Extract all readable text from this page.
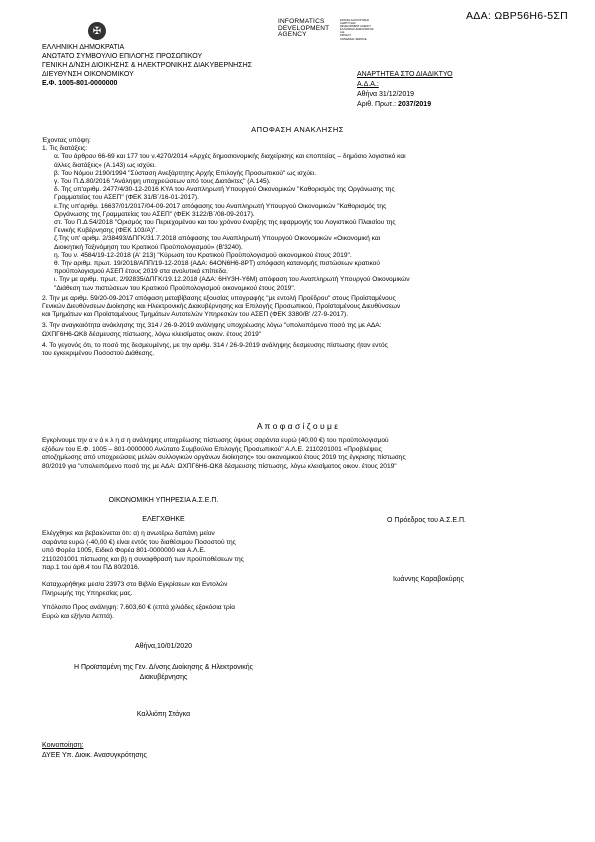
ΑΔΑ: ΩΒΡ56Η6-5ΣΠ
✠
INFORMATICS
DEVELOPMENT
AGENCY
ΕΝΤΑΣΗ ΑΞΙΟΛΟΓΗΣΗΣ
ΑΝΑΠΤΥΞΗΣ
DEVELOPMENT AGENCY
ΕΛΛΗΝΙΚΗΣ ΔΗΜΟΚΡΑΤΙΑΣ
Α.Ε.
PRIVACY
UNIVERSAL SERVICE
ΕΛΛΗΝΙΚΗ ΔΗΜΟΚΡΑΤΙΑ
ΑΝΩΤΑΤΟ ΣΥΜΒΟΥΛΙΟ ΕΠΙΛΟΓΗΣ ΠΡΟΣΩΠΙΚΟΥ
ΓΕΝΙΚΗ Δ/ΝΣΗ ΔΙΟΙΚΗΣΗΣ & ΗΛΕΚΤΡΟΝΙΚΗΣ ΔΙΑΚΥΒΕΡΝΗΣΗΣ
ΔΙΕΥΘΥΝΣΗ ΟΙΚΟΝΟΜΙΚΟΥ
Ε.Φ. 1005-801-0000000
ΑΝΑΡΤΗΤΕΑ ΣΤΟ ΔΙΑΔΙΚΤΥΟ
Α.Δ.Α.:
Αθήνα 31/12/2019
Αριθ. Πρωτ.: 2037/2019
ΑΠΟΦΑΣΗ ΑΝΑΚΛΗΣΗΣ
Έχοντας υπόψη:
1. Τις διατάξεις:
α. Του άρθρου 66-69 και 177 του ν.4270/2014 «Αρχές δημοσιονομικής διαχείρισης και εποπτείας – δημόσιο λογιστικό και
άλλες διατάξεις» (Α.143) ως ισχύει.
β. Του Νόμου 2190/1994 "Σύσταση Ανεξάρτητης Αρχής Επιλογής Προσωπικού" ως ισχύει.
γ. Του Π.Δ.80/2016 "Ανάληψη υποχρεώσεων από τους Διατάκτες" (Α.145).
δ. Της υπ'αριθμ. 2477/4/30-12-2016 ΚΥΑ του Αναπληρωτή Υπουργού Οικονομικών "Καθορισμός της Οργάνωσης της
Γραμματείας του ΑΣΕΠ" (ΦΕΚ 31/Β΄/16-01-2017).
ε.Της υπ'αριθμ. 16637/01/2017/04-09-2017 απόφασης του Αναπληρωτή Υπουργού Οικονομικών "Καθορισμός της
Οργάνωσης της Γραμματείας του ΑΣΕΠ" (ΦΕΚ 3122/Β΄/08-09-2017).
στ. Του Π.Δ 54/2018 "Ορισμός του Περιεχομένου και του χρόνου έναρξης της εφαρμογής του Λογιστικού Πλαισίου της
Γενικής Κυβέρνησης (ΦΕΚ 103/Α)".
ζ.Της υπ' αριθμ. 2/38493/ΔΠΓΚ/31.7.2018 απόφασης του Αναπληρωτή Υπουργού Οικονομικών «Οικονομική και
Διοικητική Ταξινόμηση του Κρατικού Προϋπολογισμού» (Β'3240).
η. Του ν. 4584/19-12-2018 (Α' 213) "Κύρωση του Κρατικού Προϋπολογισμού οικονομικού έτους 2019".
θ. Την αριθμ. πρωτ. 19/2018/ΑΠΠ/19-12-2018 (ΑΔΑ: 64ΟΝ6Η6-8ΡΤ) απόφαση κατανομής πιστώσεων κρατικού
προϋπολογισμού ΑΣΕΠ έτους 2019 στα ανολυτικά επίπεδα.
ι. Την με αριθμ. πρωτ. 2/92835/ΔΠΓΚ/19.12.2018 (ΑΔΑ: 6ΗΥ3Η-Υ6Μ) απόφαση του Αναπληρωτή Υπουργού Οικονομικών
"Διάθεση των πιστώσεων του Κρατικού Προϋπολογισμού οικονομικού έτους 2019".
2. Την με αριθμ. 59/20-09-2017 απόφαση μεταβίβασης εξουσίας υπογραφής "με εντολή Προέδρου" στους Προϊσταμένους
Γενικών Διευθύνσεων Διοίκησης και Ηλεκτρονικής Διακυβέρνησης και Επιλογής Προσωπικού, Προϊσταμένους Διευθύνσεων
και Τμημάτων και Προϊσταμένους Τμημάτων Αυτοτελών Υπηρεσιών του ΑΣΕΠ (ΦΕΚ 3380/Β' /27-9-2017).
3. Την αναγκαιότητα ανάκλησης της 314 / 26-9-2019 ανάληψης υποχρέωσης λόγω "υπολειπόμενο ποσό της με ΑΔΑ:
ΩΧΠΓ6Η6-ΩΚ8 δέσμευσης πίστωσης, λόγω κλεισίματος οικον. έτους 2019"
4. Το γεγονός ότι, το ποσό της δεσμευμένης, με την αριθμ. 314 / 26-9-2019 ανάληψης δεσμευσης πίστωσης ήταν εντός
του εγκεκριμένου Ποσοστού Διάθεσης.
Α π ο φ α σ ί ζ ο υ μ ε
Εγκρίνουμε την α ν ά κ λ η σ η ανάληψης υποχρέωσης πίστωσης ύψους σαράντα ευρώ (40,00 €) του προϋπολογισμού
εξόδων του Ε.Φ. 1005 – 801-0000000 Ανώτατο Συμβούλιο Επιλογής Προσωπικού" Α.Λ.Ε. 2110201001 «Προβλέψεις
αποζημίωσης από υποχρεώσεις μελών συλλογικών οργάνων διοίκησης» του οικονομικού έτους 2019 της έγκρισης πίστωσης
80/2019 για "υπολειπόμενο ποσό της με ΑΔΑ: ΩΧΠΓ6Η6-ΩΚ8 δέσμευσης πίστωσης, λόγω κλεισίματος οικον. έτους 2019"
ΟΙΚΟΝΟΜΙΚΗ ΥΠΗΡΕΣΙΑ Α.Σ.Ε.Π.
ΕΛΕΓΧΘΗΚΕ
Ελέγχθηκε και βεβαιώνεται ότι: α) η ανωτέρω δαπάνη μείον
σαράντα ευρώ (-40,00 €) είναι εντός του διαθέσιμου Ποσοστού της
υπό Φορέα 1005, Ειδικό Φορέα 801-0000000 και Α.Λ.Ε.
2110201001 πίστωσης και β) η συναφθρασή των προϋποθέσεων της
παρ.1 του άρθ.4 του ΠΔ 80/2016.
Καταχωρήθηκε μεσ/α 23973 στο Βιβλίο Εγκρίσεων και Εντολών
Πληρωμής της Υπηρεσίας μας.
Υπόλοιπο Προς ανάληψη: 7.603,60 € (επτά χιλιάδες εξακόσια τρία
Ευρώ και εξήντα Λεπτά).
Αθήνα,10/01/2020
Η Προϊσταμένη της Γεν. Δ/νσης Διοίκησης & Ηλεκτρονικής
Διακυβέρνησης
Καλλιόπη Στάγκα
Ο Πρόεδρος του Α.Σ.Ε.Π.
Ιωάννης Καραβοκύρης
Κοινοποίηση:
ΔΥΕΕ Υπ. Διοικ. Ανασυγκρότησης
